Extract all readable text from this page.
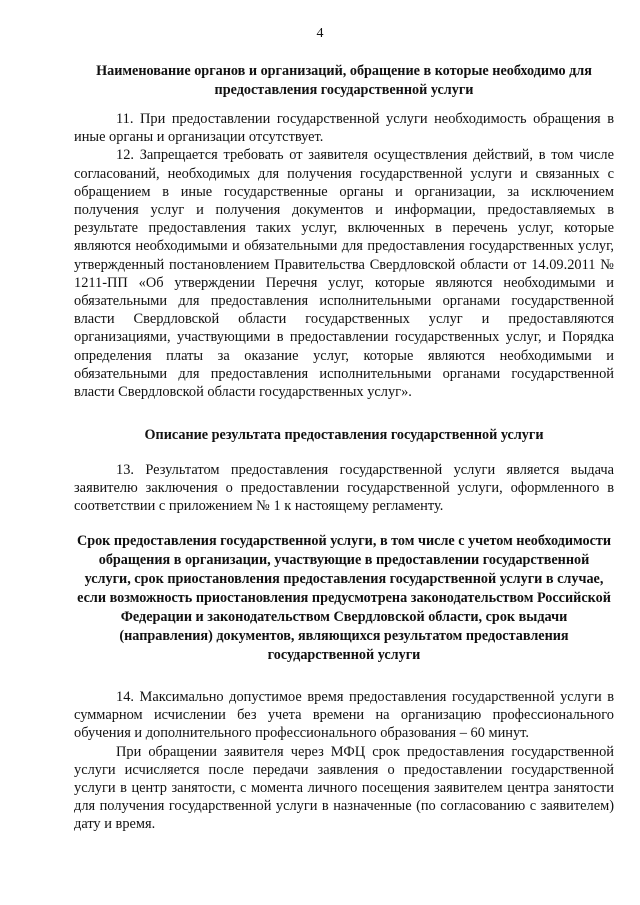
4
Наименование органов и организаций, обращение в которые необходимо для предоставления государственной услуги

11. При предоставлении государственной услуги необходимость обращения в иные органы и организации отсутствует.

12. Запрещается требовать от заявителя осуществления действий, в том числе согласований, необходимых для получения государственной услуги и связанных с обращением в иные государственные органы и организации, за исключением получения услуг и получения документов и информации, предоставляемых в результате предоставления таких услуг, включенных в перечень услуг, которые являются необходимыми и обязательными для предоставления государственных услуг, утвержденный постановлением Правительства Свердловской области от 14.09.2011 № 1211-ПП «Об утверждении Перечня услуг, которые являются необходимыми и обязательными для предоставления исполнительными органами государственной власти Свердловской области государственных услуг и предоставляются организациями, участвующими в предоставлении государственных услуг, и Порядка определения платы за оказание услуг, которые являются необходимыми и обязательными для предоставления исполнительными органами государственной власти Свердловской области государственных услуг».

Описание результата предоставления государственной услуги

13. Результатом предоставления государственной услуги является выдача заявителю заключения о предоставлении государственной услуги, оформленного в соответствии с приложением № 1 к настоящему регламенту.

Срок предоставления государственной услуги, в том числе с учетом необходимости обращения в организации, участвующие в предоставлении государственной услуги, срок приостановления предоставления государственной услуги в случае, если возможность приостановления предусмотрена законодательством Российской Федерации и законодательством Свердловской области, срок выдачи (направления) документов, являющихся результатом предоставления государственной услуги

14. Максимально допустимое время предоставления государственной услуги в суммарном исчислении без учета времени на организацию профессионального обучения и дополнительного профессионального образования – 60 минут.

При обращении заявителя через МФЦ срок предоставления государственной услуги исчисляется после передачи заявления о предоставлении государственной услуги в центр занятости, с момента личного посещения заявителем центра занятости для получения государственной услуги в назначенные (по согласованию с заявителем) дату и время.
